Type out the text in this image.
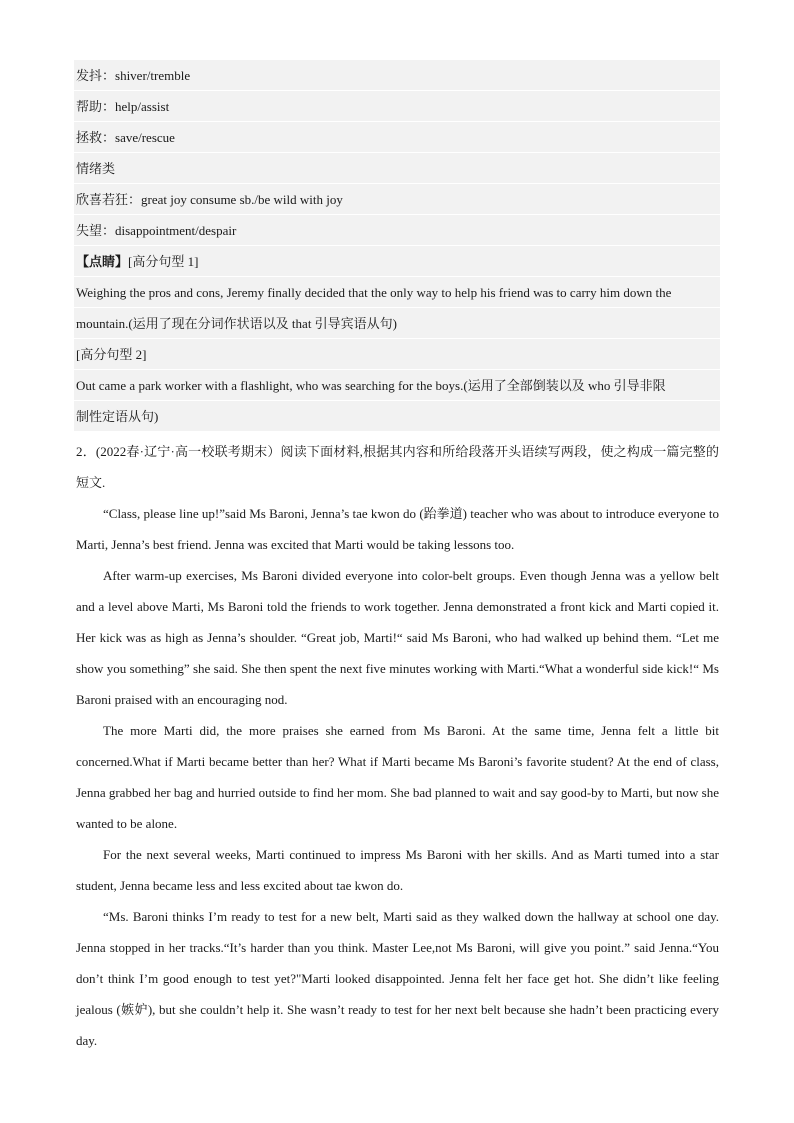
发抖：shiver/tremble
帮助：help/assist
拯救：save/rescue
情绪类
欣喜若狂：great joy consume sb./be wild with joy
失望：disappointment/despair
【点睛】[高分句型 1]
Weighing the pros and cons, Jeremy finally decided that the only way to help his friend was to carry him down the
mountain.(运用了现在分词作状语以及 that 引导宾语从句)
[高分句型 2]
Out came a park worker with a flashlight, who was searching for the boys.(运用了全部倒装以及 who 引导非限
制性定语从句)

2．(2022春·辽宁·高一校联考期末）阅读下面材料,根据其内容和所给段落开头语续写两段，使之构成一篇完整的短文.

“Class, please line up!”said Ms Baroni, Jenna’s tae kwon do (跆拳道) teacher who was about to introduce everyone to Marti, Jenna’s best friend. Jenna was excited that Marti would be taking lessons too.

After warm-up exercises, Ms Baroni divided everyone into color-belt groups. Even though Jenna was a yellow belt and a level above Marti, Ms Baroni told the friends to work together. Jenna demonstrated a front kick and Marti copied it. Her kick was as high as Jenna’s shoulder. “Great job, Marti!“ said Ms Baroni, who had walked up behind them. “Let me show you something” she said. She then spent the next five minutes working with Marti.“What a wonderful side kick!“ Ms Baroni praised with an encouraging nod.

The more Marti did, the more praises she earned from Ms Baroni. At the same time, Jenna felt a little bit concerned.What if Marti became better than her? What if Marti became Ms Baroni’s favorite student? At the end of class, Jenna grabbed her bag and hurried outside to find her mom. She bad planned to wait and say good-by to Marti, but now she wanted to be alone.

For the next several weeks, Marti continued to impress Ms Baroni with her skills. And as Marti tumed into a star student, Jenna became less and less excited about tae kwon do.

“Ms. Baroni thinks I’m ready to test for a new belt, Marti said as they walked down the hallway at school one day. Jenna stopped in her tracks.“It’s harder than you think. Master Lee,not Ms Baroni, will give you point.” said Jenna.“You don’t think I’m good enough to test yet?"Marti looked disappointed. Jenna felt her face get hot. She didn’t like feeling jealous (嫉妒), but she couldn’t help it. She wasn’t ready to test for her next belt because she hadn’t been practicing every day.
